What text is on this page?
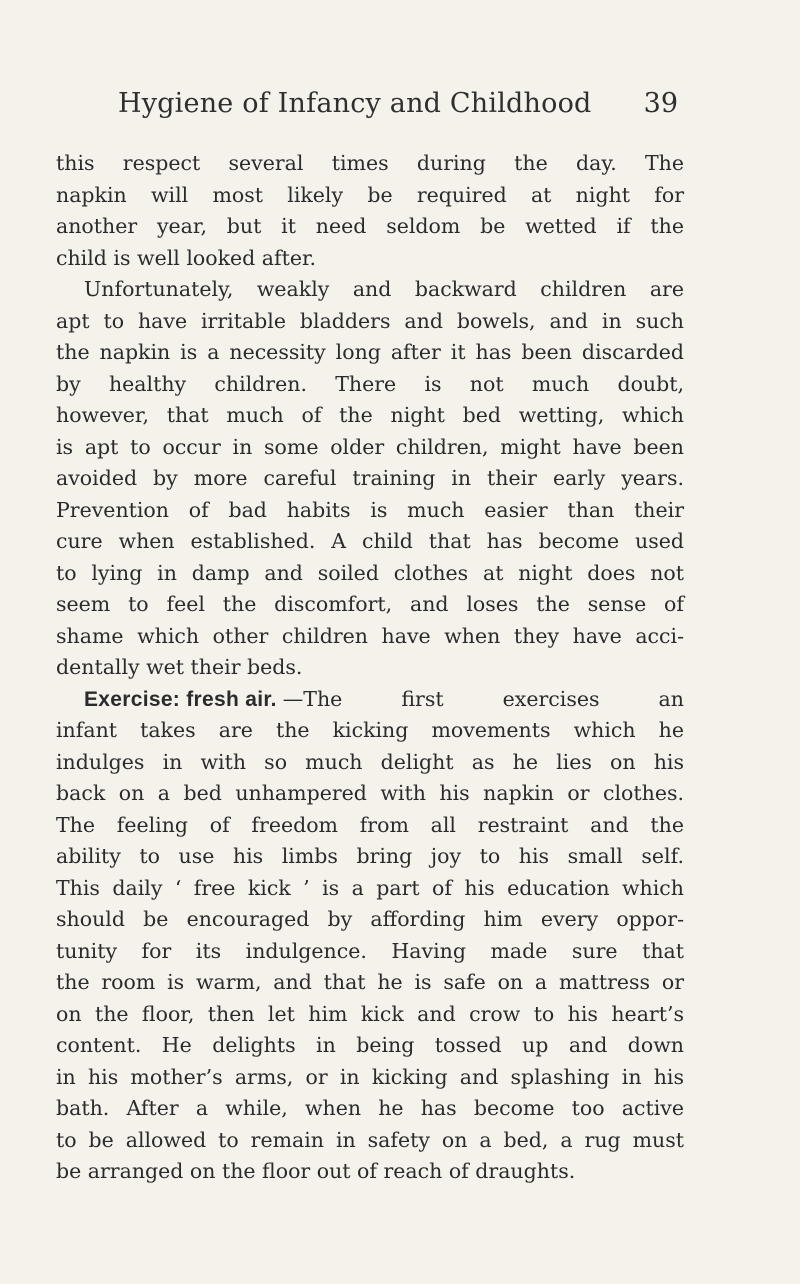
Hygiene of Infancy and Childhood 39
this respect several times during the day. The
napkin will most likely be required at night for
another year, but it need seldom be wetted if the
child is well looked after.
Unfortunately, weakly and backward children are
apt to have irritable bladders and bowels, and in such
the napkin is a necessity long after it has been discarded
by healthy children. There is not much doubt,
however, that much of the night bed wetting, which
is apt to occur in some older children, might have been
avoided by more careful training in their early years.
Prevention of bad habits is much easier than their
cure when established. A child that has become used
to lying in damp and soiled clothes at night does not
seem to feel the discomfort, and loses the sense of
shame which other children have when they have acci-
dentally wet their beds.
Exercise: fresh air. —The first exercises an
infant takes are the kicking movements which he
indulges in with so much delight as he lies on his
back on a bed unhampered with his napkin or clothes.
The feeling of freedom from all restraint and the
ability to use his limbs bring joy to his small self.
This daily ‘ free kick ’ is a part of his education which
should be encouraged by affording him every oppor-
tunity for its indulgence. Having made sure that
the room is warm, and that he is safe on a mattress or
on the floor, then let him kick and crow to his heart’s
content. He delights in being tossed up and down
in his mother’s arms, or in kicking and splashing in his
bath. After a while, when he has become too active
to be allowed to remain in safety on a bed, a rug must
be arranged on the floor out of reach of draughts.
